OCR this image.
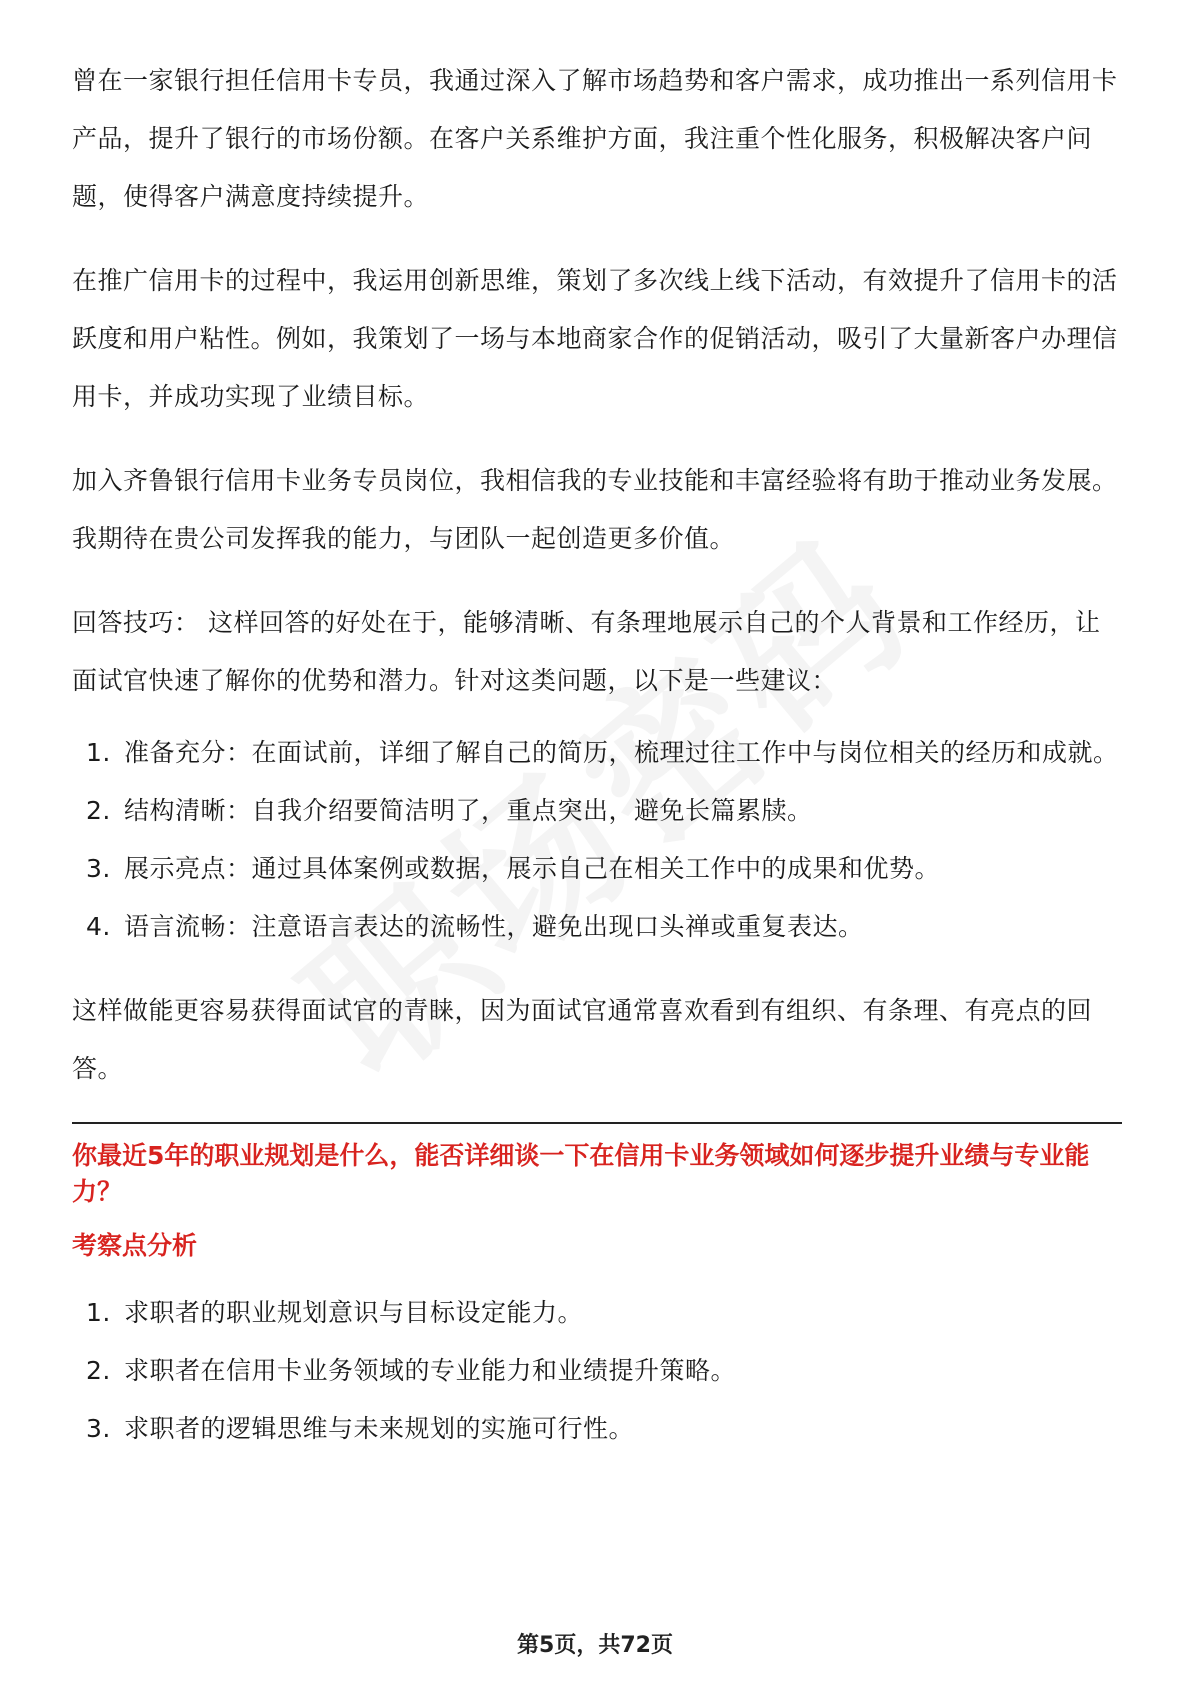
曾在一家银行担任信用卡专员，我通过深入了解市场趋势和客户需求，成功推出一系列信用卡产品，提升了银行的市场份额。在客户关系维护方面，我注重个性化服务，积极解决客户问题，使得客户满意度持续提升。

在推广信用卡的过程中，我运用创新思维，策划了多次线上线下活动，有效提升了信用卡的活跃度和用户粘性。例如，我策划了一场与本地商家合作的促销活动，吸引了大量新客户办理信用卡，并成功实现了业绩目标。

加入齐鲁银行信用卡业务专员岗位，我相信我的专业技能和丰富经验将有助于推动业务发展。我期待在贵公司发挥我的能力，与团队一起创造更多价值。

回答技巧： 这样回答的好处在于，能够清晰、有条理地展示自己的个人背景和工作经历，让面试官快速了解你的优势和潜力。针对这类问题，以下是一些建议：

1. 准备充分：在面试前，详细了解自己的简历，梳理过往工作中与岗位相关的经历和成就。
2. 结构清晰：自我介绍要简洁明了，重点突出，避免长篇累牍。
3. 展示亮点：通过具体案例或数据，展示自己在相关工作中的成果和优势。
4. 语言流畅：注意语言表达的流畅性，避免出现口头禅或重复表达。

这样做能更容易获得面试官的青睐，因为面试官通常喜欢看到有组织、有条理、有亮点的回答。

你最近5年的职业规划是什么，能否详细谈一下在信用卡业务领域如何逐步提升业绩与专业能力？
考察点分析
1. 求职者的职业规划意识与目标设定能力。
2. 求职者在信用卡业务领域的专业能力和业绩提升策略。
3. 求职者的逻辑思维与未来规划的实施可行性。
第5页，共72页
